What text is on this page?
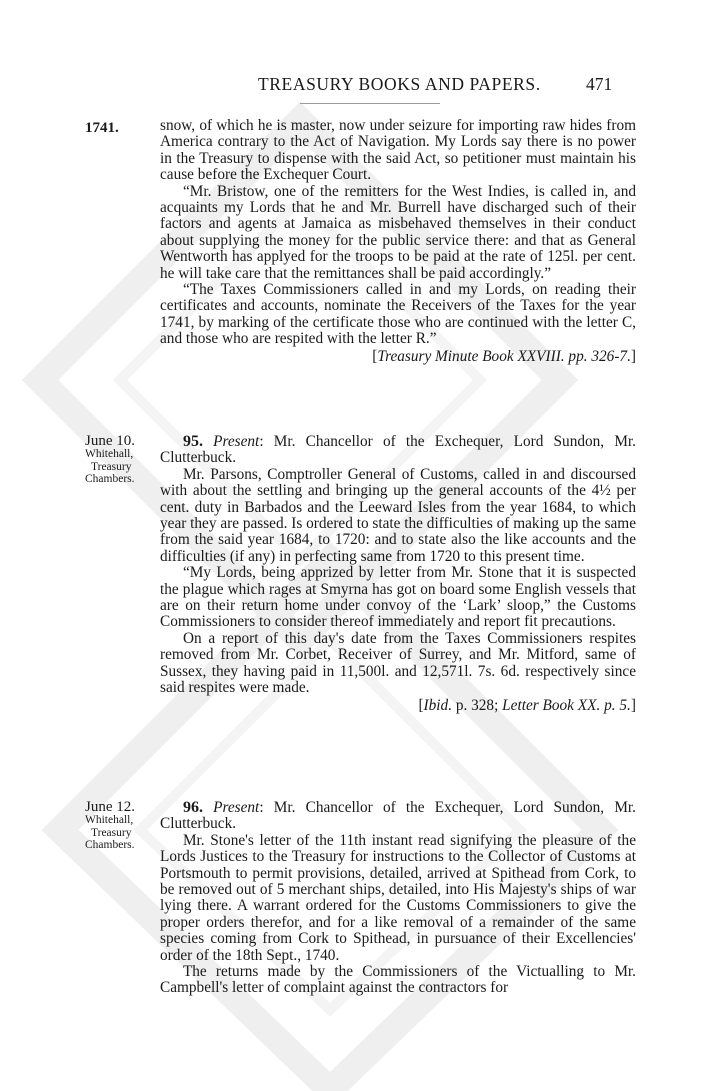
TREASURY BOOKS AND PAPERS.	471
1741.	snow, of which he is master, now under seizure for importing raw hides from America contrary to the Act of Navigation. My Lords say there is no power in the Treasury to dispense with the said Act, so petitioner must maintain his cause before the Exchequer Court.

“Mr. Bristow, one of the remitters for the West Indies, is called in, and acquaints my Lords that he and Mr. Burrell have discharged such of their factors and agents at Jamaica as misbehaved themselves in their conduct about supplying the money for the public service there: and that as General Wentworth has applyed for the troops to be paid at the rate of 125l. per cent. he will take care that the remittances shall be paid accordingly.”

“The Taxes Commissioners called in and my Lords, on reading their certificates and accounts, nominate the Receivers of the Taxes for the year 1741, by marking of the certificate those who are continued with the letter C, and those who are respited with the letter R.”

[Treasury Minute Book XXVIII. pp. 326-7.]

June 10.
Whitehall,
Treasury
Chambers.

95. Present: Mr. Chancellor of the Exchequer, Lord Sundon, Mr. Clutterbuck.

Mr. Parsons, Comptroller General of Customs, called in and discoursed with about the settling and bringing up the general accounts of the 4½ per cent. duty in Barbados and the Leeward Isles from the year 1684, to which year they are passed. Is ordered to state the difficulties of making up the same from the said year 1684, to 1720: and to state also the like accounts and the difficulties (if any) in perfecting same from 1720 to this present time.

“My Lords, being apprized by letter from Mr. Stone that it is suspected the plague which rages at Smyrna has got on board some English vessels that are on their return home under convoy of the ‘Lark’ sloop,” the Customs Commissioners to consider thereof immediately and report fit precautions.

On a report of this day's date from the Taxes Commissioners respites removed from Mr. Corbet, Receiver of Surrey, and Mr. Mitford, same of Sussex, they having paid in 11,500l. and 12,571l. 7s. 6d. respectively since said respites were made.

[Ibid. p. 328; Letter Book XX. p. 5.]

June 12.
Whitehall,
Treasury
Chambers.

96. Present: Mr. Chancellor of the Exchequer, Lord Sundon, Mr. Clutterbuck.

Mr. Stone's letter of the 11th instant read signifying the pleasure of the Lords Justices to the Treasury for instructions to the Collector of Customs at Portsmouth to permit provisions, detailed, arrived at Spithead from Cork, to be removed out of 5 merchant ships, detailed, into His Majesty's ships of war lying there. A warrant ordered for the Customs Commissioners to give the proper orders therefor, and for a like removal of a remainder of the same species coming from Cork to Spithead, in pursuance of their Excellencies' order of the 18th Sept., 1740.

The returns made by the Commissioners of the Victualling to Mr. Campbell's letter of complaint against the contractors for
